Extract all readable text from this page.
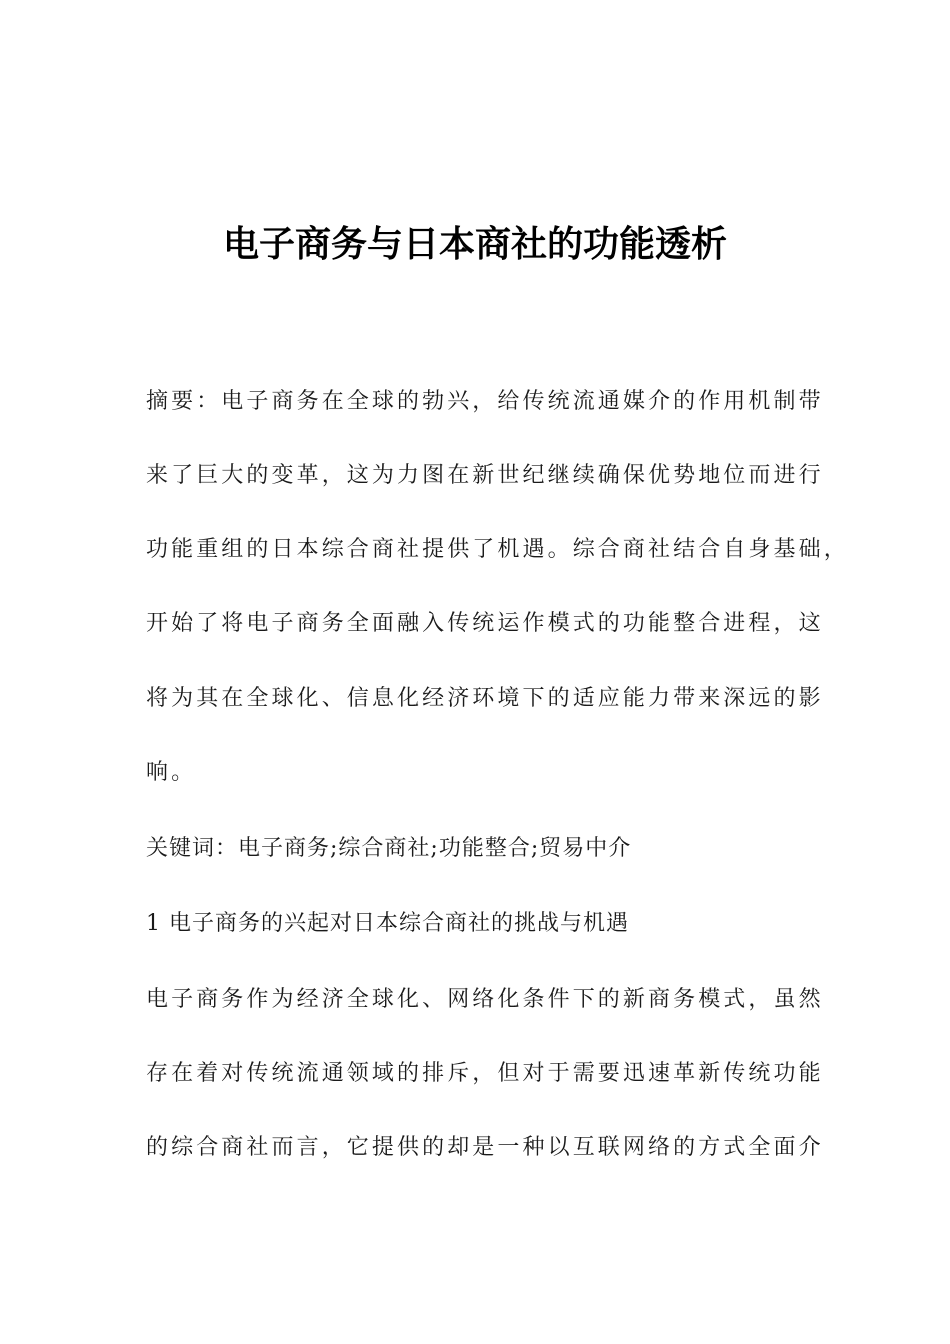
电子商务与日本商社的功能透析

摘要：电子商务在全球的勃兴，给传统流通媒介的作用机制带

来了巨大的变革，这为力图在新世纪继续确保优势地位而进行

功能重组的日本综合商社提供了机遇。综合商社结合自身基础，

开始了将电子商务全面融入传统运作模式的功能整合进程，这

将为其在全球化、信息化经济环境下的适应能力带来深远的影

响。

关键词：电子商务;综合商社;功能整合;贸易中介

1 电子商务的兴起对日本综合商社的挑战与机遇

电子商务作为经济全球化、网络化条件下的新商务模式，虽然

存在着对传统流通领域的排斥，但对于需要迅速革新传统功能

的综合商社而言，它提供的却是一种以互联网络的方式全面介
